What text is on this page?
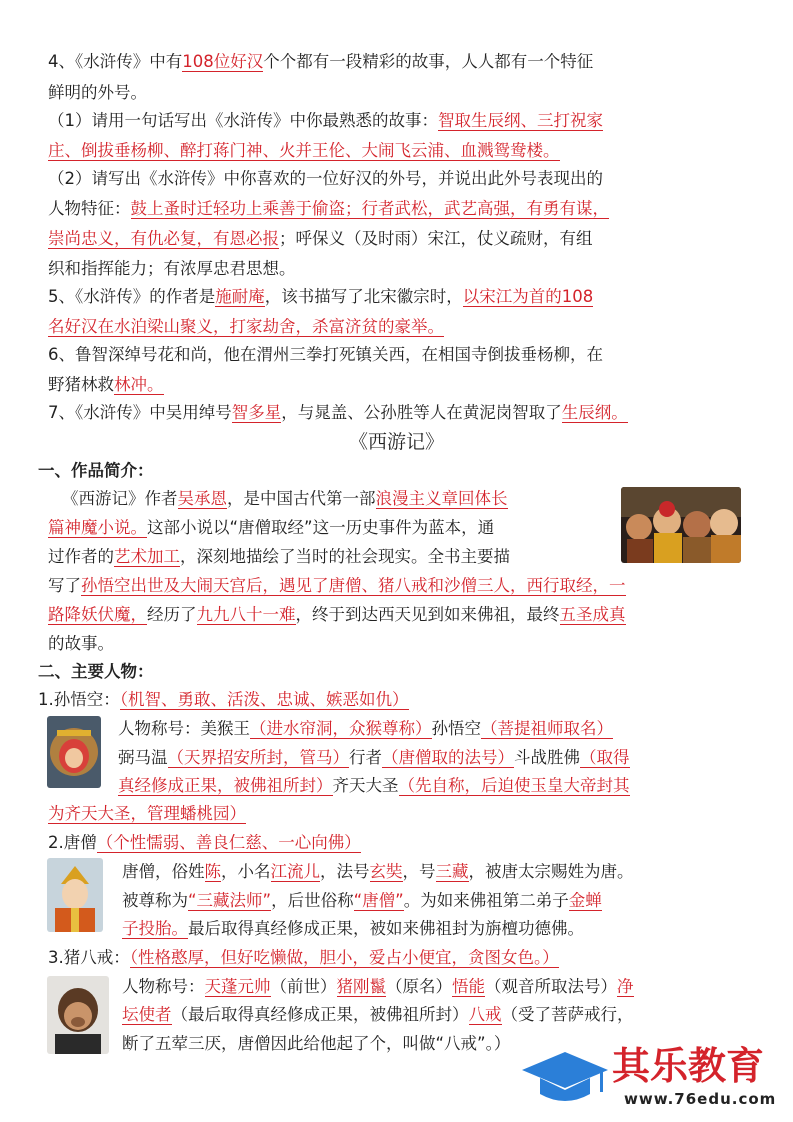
4、《水浒传》中有108位好汉个个都有一段精彩的故事，人人都有一个特征
鲜明的外号。
（1）请用一句话写出《水浒传》中你最熟悉的故事：智取生辰纲、三打祝家
庄、倒拔垂杨柳、醉打蒋门神、火并王伦、大闹飞云浦、血溅鸳鸯楼。
（2）请写出《水浒传》中你喜欢的一位好汉的外号，并说出此外号表现出的
人物特征：鼓上蚤时迁轻功上乘善于偷盗；行者武松，武艺高强，有勇有谋，
崇尚忠义，有仇必复，有恩必报；呼保义（及时雨）宋江，仗义疏财，有组
织和指挥能力；有浓厚忠君思想。
5、《水浒传》的作者是施耐庵，该书描写了北宋徽宗时，以宋江为首的108
名好汉在水泊梁山聚义，打家劫舍，杀富济贫的豪举。
6、鲁智深绰号花和尚，他在渭州三拳打死镇关西，在相国寺倒拔垂杨柳，在
野猪林救林冲。
7、《水浒传》中吴用绰号智多星，与晁盖、公孙胜等人在黄泥岗智取了生辰纲。
《西游记》
一、作品简介：
《西游记》作者吴承恩，是中国古代第一部浪漫主义章回体长
篇神魔小说。这部小说以“唐僧取经”这一历史事件为蓝本，通
过作者的艺术加工，深刻地描绘了当时的社会现实。全书主要描
写了孙悟空出世及大闹天宫后，遇见了唐僧、猪八戒和沙僧三人，西行取经，一
路降妖伏魔，经历了九九八十一难，终于到达西天见到如来佛祖，最终五圣成真
的故事。
二、主要人物：
1.孙悟空：（机智、勇敢、活泼、忠诚、嫉恶如仇）
人物称号：美猴王（进水帘洞，众猴尊称）孙悟空（菩提祖师取名）
弼马温（天界招安所封，管马）行者（唐僧取的法号）斗战胜佛（取得
真经修成正果，被佛祖所封）齐天大圣（先自称，后迫使玉皇大帝封其
为齐天大圣，管理蟠桃园）
2.唐僧（个性懦弱、善良仁慈、一心向佛）
唐僧，俗姓陈，小名江流儿，法号玄奘，号三藏，被唐太宗赐姓为唐。
被尊称为“三藏法师”，后世俗称“唐僧”。为如来佛祖第二弟子金蝉
子投胎。最后取得真经修成正果，被如来佛祖封为旃檀功德佛。
3.猪八戒：（性格憨厚，但好吃懒做，胆小，爱占小便宜，贪图女色。）
人物称号：天蓬元帅（前世）猪刚鬣（原名）悟能（观音所取法号）净
坛使者（最后取得真经修成正果，被佛祖所封）八戒（受了菩萨戒行，
断了五荤三厌，唐僧因此给他起了个，叫做“八戒”。）
其乐教育
www.76edu.com
